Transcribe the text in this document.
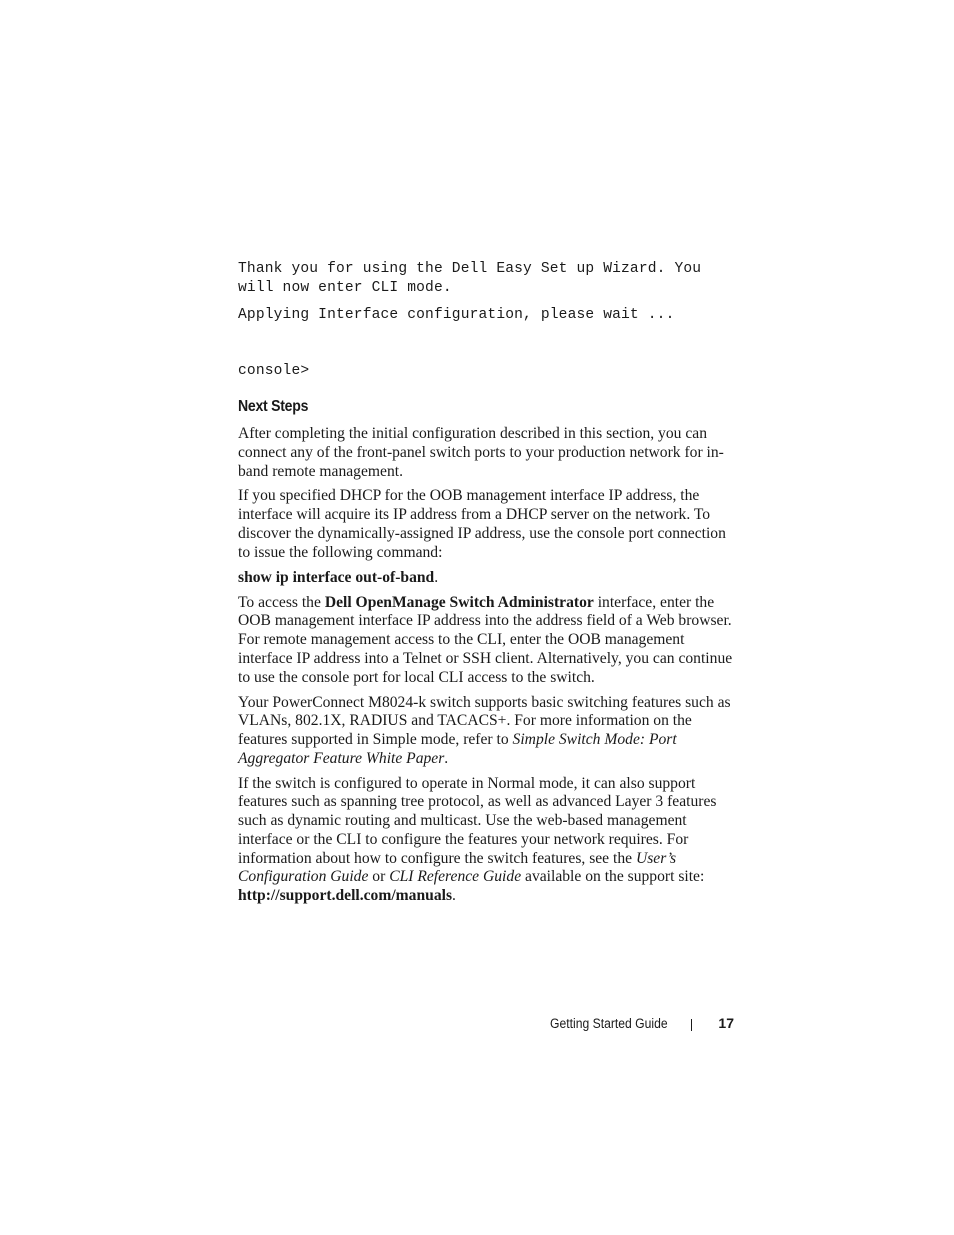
Thank you for using the Dell Easy Set up Wizard. You
will now enter CLI mode.
Applying Interface configuration, please wait ...
console>
Next Steps

After completing the initial configuration described in this section, you can connect any of the front-panel switch ports to your production network for in-band remote management.

If you specified DHCP for the OOB management interface IP address, the interface will acquire its IP address from a DHCP server on the network. To discover the dynamically-assigned IP address, use the console port connection to issue the following command:

show ip interface out-of-band.

To access the Dell OpenManage Switch Administrator interface, enter the OOB management interface IP address into the address field of a Web browser. For remote management access to the CLI, enter the OOB management interface IP address into a Telnet or SSH client. Alternatively, you can continue to use the console port for local CLI access to the switch.

Your PowerConnect M8024-k switch supports basic switching features such as VLANs, 802.1X, RADIUS and TACACS+. For more information on the features supported in Simple mode, refer to Simple Switch Mode: Port Aggregator Feature White Paper.

If the switch is configured to operate in Normal mode, it can also support features such as spanning tree protocol, as well as advanced Layer 3 features such as dynamic routing and multicast. Use the web-based management interface or the CLI to configure the features your network requires. For information about how to configure the switch features, see the User’s Configuration Guide or CLI Reference Guide available on the support site: http://support.dell.com/manuals.

Getting Started Guide	17
